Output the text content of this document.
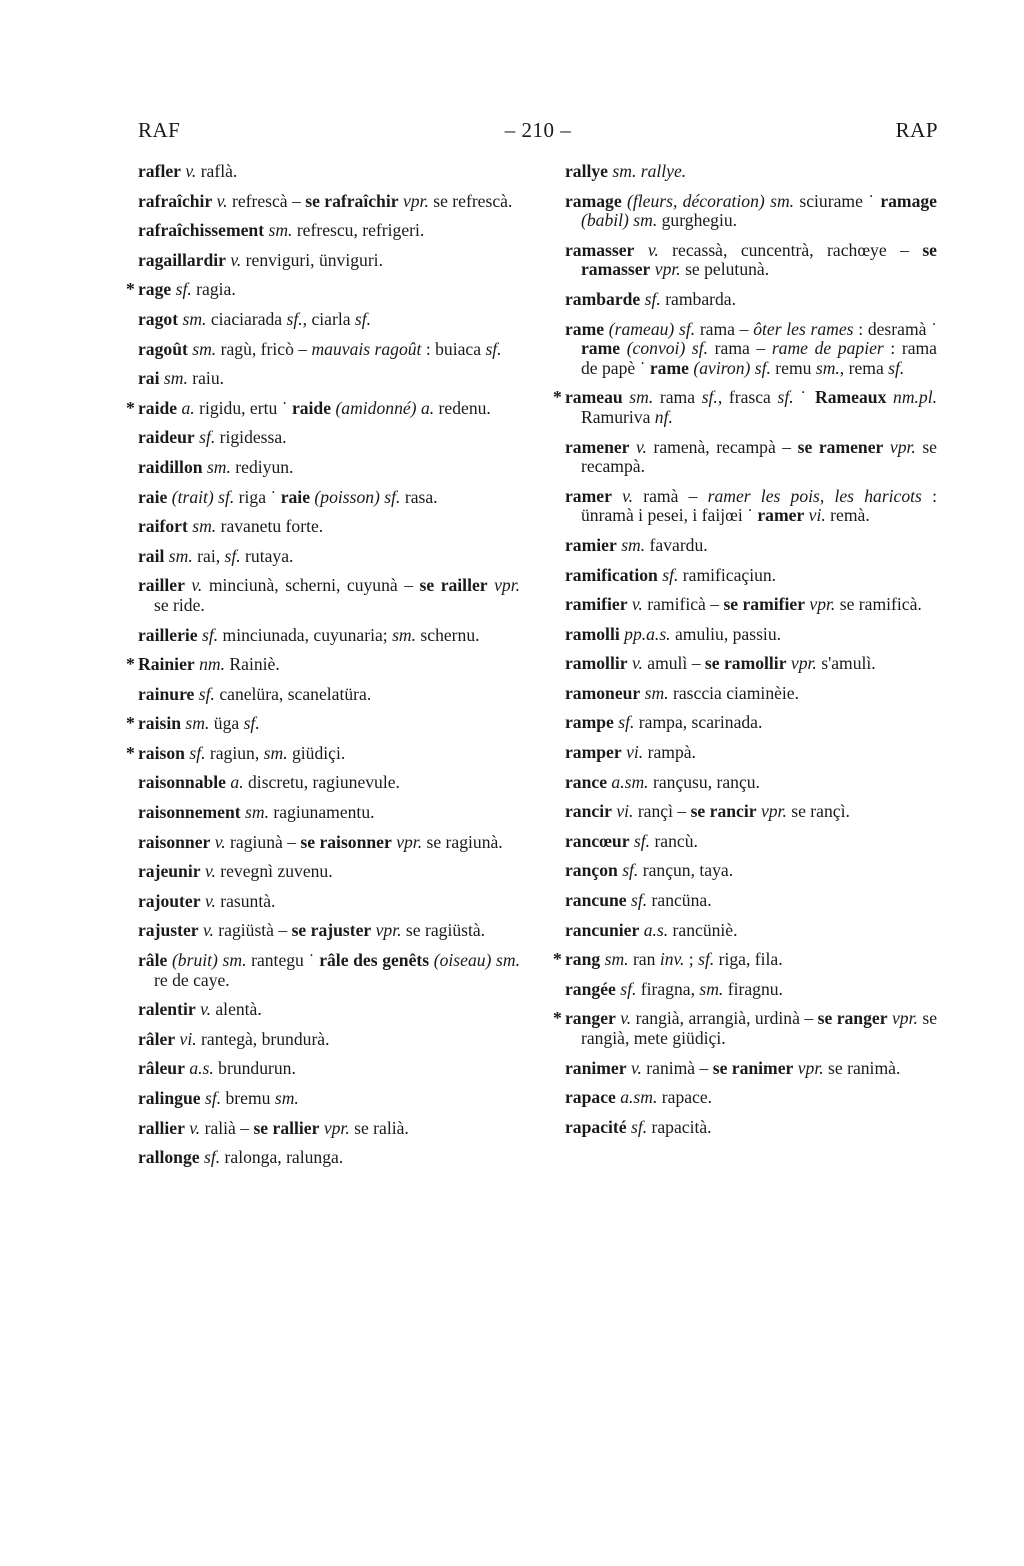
RAF	– 210 –	RAP
rafler v. raflà.
rafraîchir v. refrescà – se rafraîchir vpr. se refrescà.
rafraîchissement sm. refrescu, refrigeri.
ragaillardir v. renviguri, ünviguri.
* rage sf. ragia.
ragot sm. ciaciarada sf., ciarla sf.
ragoût sm. ragù, fricò – mauvais ragoût : buiaca sf.
rai sm. raiu.
* raide a. rigidu, ertu ˙ raide (amidonné) a. redenu.
raideur sf. rigidessa.
raidillon sm. rediyun.
raie (trait) sf. riga ˙ raie (poisson) sf. rasa.
raifort sm. ravanetu forte.
rail sm. rai, sf. rutaya.
railler v. minciunà, scherni, cuyunà – se railler vpr. se ride.
raillerie sf. minciunada, cuyunaria; sm. schernu.
* Rainier nm. Rainiè.
rainure sf. canelüra, scanelatüra.
* raisin sm. üga sf.
* raison sf. ragiun, sm. giüdiçi.
raisonnable a. discretu, ragiunevule.
raisonnement sm. ragiunamentu.
raisonner v. ragiunà – se raisonner vpr. se ragiunà.
rajeunir v. revegnì zuvenu.
rajouter v. rasuntà.
rajuster v. ragiüstà – se rajuster vpr. se ragiüstà.
râle (bruit) sm. rantegu ˙ râle des genêts (oiseau) sm. re de caye.
ralentir v. alentà.
râler vi. rantegà, brundurà.
râleur a.s. brundurun.
ralingue sf. bremu sm.
rallier v. ralià – se rallier vpr. se ralià.
rallonge sf. ralonga, ralunga.
rallye sm. rallye.
ramage (fleurs, décoration) sm. sciurame ˙ ramage (babil) sm. gurghegiu.
ramasser v. recassà, cuncentrà, rachœye – se ramasser vpr. se pelutunà.
rambarde sf. rambarda.
rame (rameau) sf. rama – ôter les rames : desramà ˙ rame (convoi) sf. rama – rame de papier : rama de papè ˙ rame (aviron) sf. remu sm., rema sf.
* rameau sm. rama sf., frasca sf. ˙ Rameaux nm.pl. Ramuriva nf.
ramener v. ramenà, recampà – se ramener vpr. se recampà.
ramer v. ramà – ramer les pois, les haricots : ünramà i pesei, i faijœi ˙ ramer vi. remà.
ramier sm. favardu.
ramification sf. ramificaçiun.
ramifier v. ramificà – se ramifier vpr. se ramificà.
ramolli pp.a.s. amuliu, passiu.
ramollir v. amulì – se ramollir vpr. s'amulì.
ramoneur sm. rasccia ciaminèie.
rampe sf. rampa, scarinada.
ramper vi. rampà.
rance a.sm. rançusu, rançu.
rancir vi. rançì – se rancir vpr. se rançì.
rancœur sf. rancù.
rançon sf. rançun, taya.
rancune sf. rancüna.
rancunier a.s. rancüniè.
* rang sm. ran inv. ; sf. riga, fila.
rangée sf. firagna, sm. firagnu.
* ranger v. rangià, arrangià, urdinà – se ranger vpr. se rangià, mete giüdiçi.
ranimer v. ranimà – se ranimer vpr. se ranimà.
rapace a.sm. rapace.
rapacité sf. rapacità.
